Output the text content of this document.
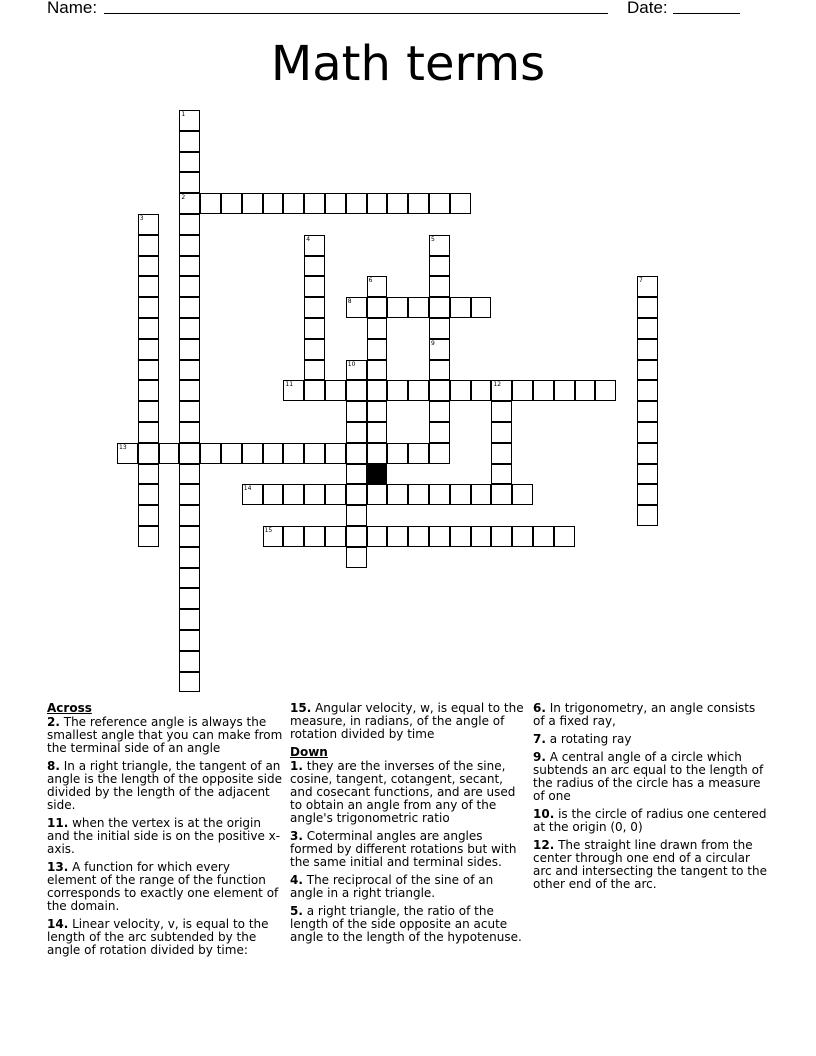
Name:	Date:
Math terms
1
2
3
4	5
9
6	7
8
10
11	12
13
14
15
Across
2. The reference angle is always the smallest angle that you can make from the terminal side of an angle
8. In a right triangle, the tangent of an angle is the length of the opposite side divided by the length of the adjacent side.
11. when the vertex is at the origin and the initial side is on the positive x-axis.
13. A function for which every element of the range of the function corresponds to exactly one element of the domain.
14. Linear velocity, v, is equal to the length of the arc subtended by the angle of rotation divided by time:
15. Angular velocity, w, is equal to the measure, in radians, of the angle of rotation divided by time
Down
1. they are the inverses of the sine, cosine, tangent, cotangent, secant, and cosecant functions, and are used to obtain an angle from any of the angle's trigonometric ratio
3. Coterminal angles are angles formed by different rotations but with the same initial and terminal sides.
4. The reciprocal of the sine of an angle in a right triangle.
5. a right triangle, the ratio of the length of the side opposite an acute angle to the length of the hypotenuse.
6. In trigonometry, an angle consists of a fixed ray,
7. a rotating ray
9. A central angle of a circle which subtends an arc equal to the length of the radius of the circle has a measure of one
10. is the circle of radius one centered at the origin (0, 0)
12. The straight line drawn from the center through one end of a circular arc and intersecting the tangent to the other end of the arc.
